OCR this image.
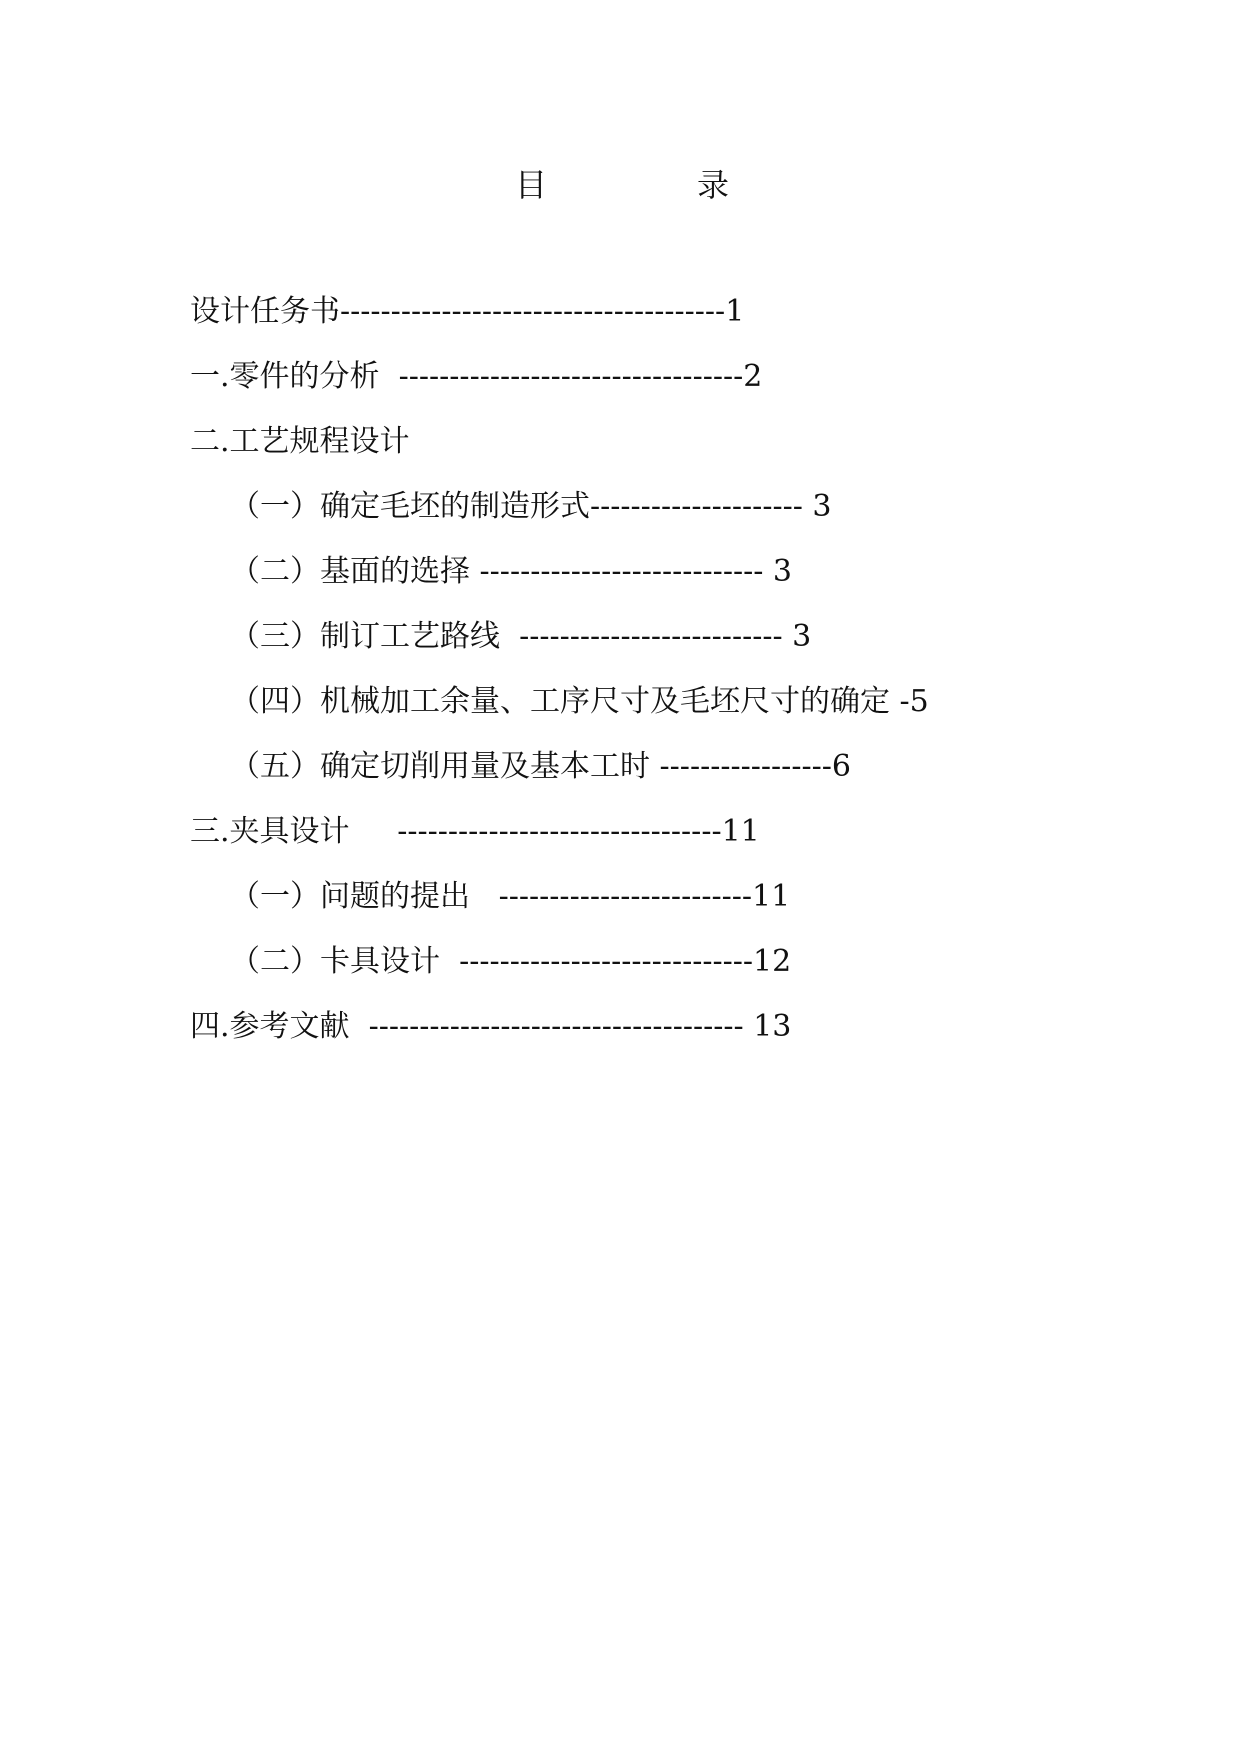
目	录
设计任务书--------------------------------------1
一.零件的分析  ----------------------------------2
二.工艺规程设计
（一）确定毛坯的制造形式--------------------- 3
（二）基面的选择 ---------------------------- 3
（三）制订工艺路线  -------------------------- 3
（四）机械加工余量、工序尺寸及毛坯尺寸的确定 -5
（五）确定切削用量及基本工时 -----------------6
三.夹具设计     --------------------------------11
（一）问题的提出   -------------------------11
（二）卡具设计  -----------------------------12
四.参考文献  ------------------------------------- 13
